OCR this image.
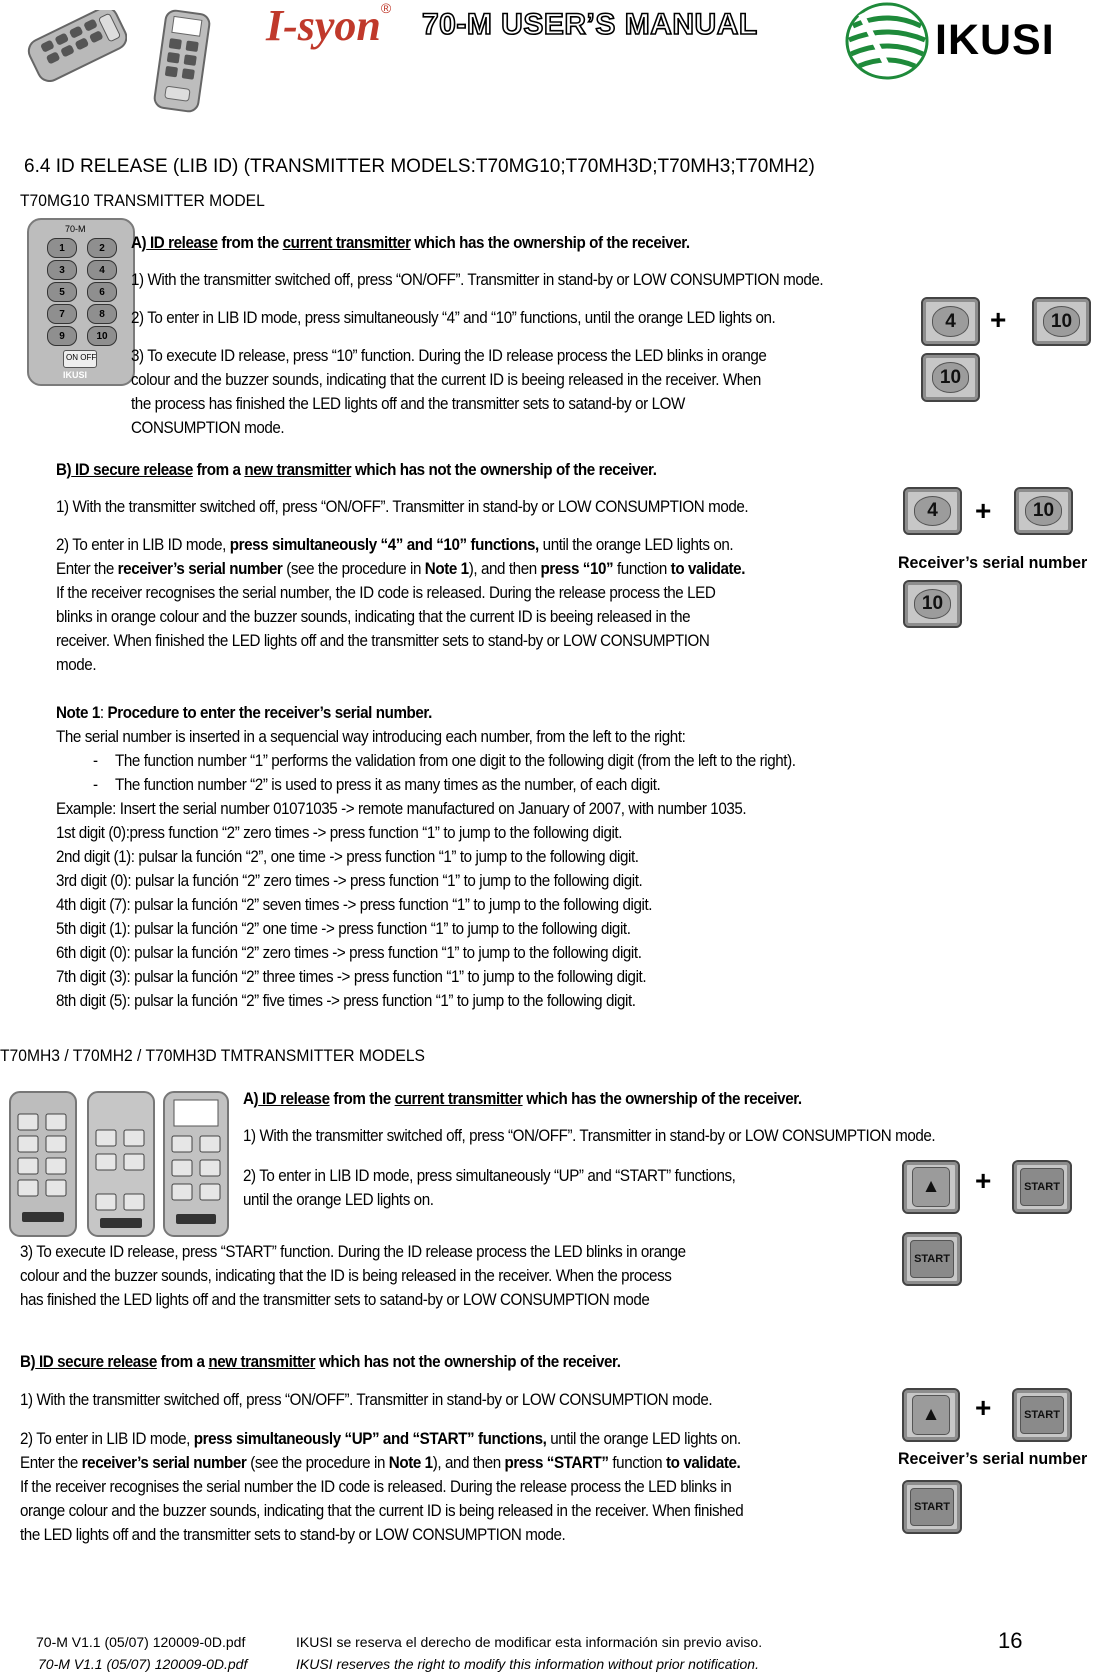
I-syon® 70-M USER’S MANUAL	IKUSI
6.4 ID RELEASE (LIB ID) (TRANSMITTER MODELS:T70MG10;T70MH3D;T70MH3;T70MH2)
T70MG10 TRANSMITTER MODEL
70-M
1	2
3	4
5	6
7	8
9	10
ON OFF
IKUSI
A) ID release from the current transmitter which has the ownership of the receiver.
1) With the transmitter switched off, press “ON/OFF”. Transmitter in stand-by or LOW CONSUMPTION mode.
2) To enter in LIB ID mode, press simultaneously “4” and “10” functions, until the orange LED lights on.
3) To execute ID release, press “10” function. During the ID release process the LED blinks in orange
colour and the buzzer sounds, indicating that the current ID is beeing released in the receiver. When
the process has finished the LED lights off and the transmitter sets to satand-by or LOW
CONSUMPTION mode.
4	+	10
10
B) ID secure release from a new transmitter which has not the ownership of the receiver.
1) With the transmitter switched off, press “ON/OFF”. Transmitter in stand-by or LOW CONSUMPTION mode.
2) To enter in LIB ID mode, press simultaneously “4” and “10” functions, until the orange LED lights on.
Enter the receiver’s serial number (see the procedure in Note 1), and then press “10” function to validate.
If the receiver recognises the serial number, the ID code is released. During the release process the LED
blinks in orange colour and the buzzer sounds, indicating that the current ID is beeing released in the
receiver. When finished the LED lights off and the transmitter sets to stand-by or LOW CONSUMPTION
mode.
4	+	10
Receiver’s serial number
10
Note 1: Procedure to enter the receiver’s serial number.
The serial number is inserted in a sequencial way introducing each number, from the left to the right:
- The function number “1” performs the validation from one digit to the following digit (from the left to the right).
- The function number “2” is used to press it as many times as the number, of each digit.
Example: Insert the serial number 01071035 -> remote manufactured on January of 2007, with number 1035.
1st digit (0):press function “2” zero times -> press function “1” to jump to the following digit.
2nd digit (1): pulsar la función “2”, one time -> press function “1” to jump to the following digit.
3rd digit (0): pulsar la función “2” zero times -> press function “1” to jump to the following digit.
4th digit (7): pulsar la función “2” seven times -> press function “1” to jump to the following digit.
5th digit (1): pulsar la función “2” one time -> press function “1” to jump to the following digit.
6th digit (0): pulsar la función “2” zero times -> press function “1” to jump to the following digit.
7th digit (3): pulsar la función “2” three times -> press function “1” to jump to the following digit.
8th digit (5): pulsar la función “2” five times -> press function “1” to jump to the following digit.
T70MH3 / T70MH2 / T70MH3D TMTRANSMITTER MODELS
A) ID release from the current transmitter which has the ownership of the receiver.
1) With the transmitter switched off, press “ON/OFF”. Transmitter in stand-by or LOW CONSUMPTION mode.
2) To enter in LIB ID mode, press simultaneously “UP” and “START” functions,
until the orange LED lights on.
▲	+	START
3) To execute ID release, press “START” function. During the ID release process the LED blinks in orange
colour and the buzzer sounds, indicating that the ID is being released in the receiver. When the process
has finished the LED lights off and the transmitter sets to satand-by or LOW CONSUMPTION mode
START
B) ID secure release from a new transmitter which has not the ownership of the receiver.
1) With the transmitter switched off, press “ON/OFF”. Transmitter in stand-by or LOW CONSUMPTION mode.
2) To enter in LIB ID mode, press simultaneously “UP” and “START” functions, until the orange LED lights on.
Enter the receiver’s serial number (see the procedure in Note 1), and then press “START” function to validate.
If the receiver recognises the serial number the ID code is released. During the release process the LED blinks in
orange colour and the buzzer sounds, indicating that the current ID is being released in the receiver. When finished
the LED lights off and the transmitter sets to stand-by or LOW CONSUMPTION mode.
▲	+	START
Receiver’s serial number
START
70-M V1.1 (05/07) 120009-0D.pdf	IKUSI se reserva el derecho de modificar esta información sin previo aviso.
70-M V1.1 (05/07) 120009-0D.pdf	IKUSI reserves the right to modify this information without prior notification.
16
